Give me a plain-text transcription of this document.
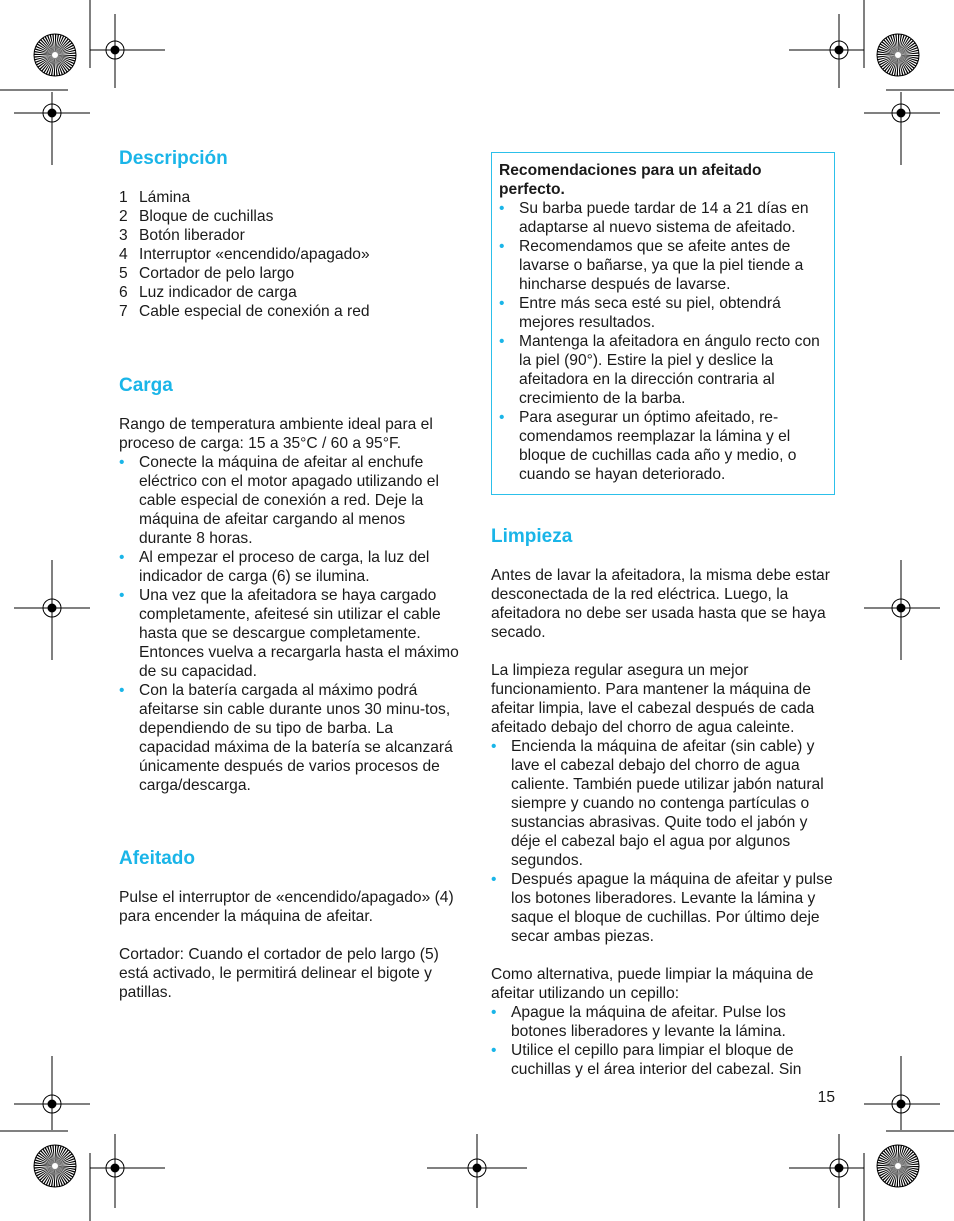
Descripción
1 Lámina
2 Bloque de cuchillas
3 Botón liberador
4 Interruptor «encendido/apagado»
5 Cortador de pelo largo
6 Luz indicador de carga
7 Cable especial de conexión a red
Carga

Rango de temperatura ambiente ideal para el proceso de carga: 15 a 35°C / 60 a 95°F.

• Conecte la máquina de afeitar al enchufe eléctrico con el motor apagado utilizando el cable especial de conexión a red. Deje la máquina de afeitar cargando al menos durante 8 horas.
• Al empezar el proceso de carga, la luz del indicador de carga (6) se ilumina.
• Una vez que la afeitadora se haya cargado completamente, afeitesé sin utilizar el cable hasta que se descargue completamente. Entonces vuelva a recargarla hasta el máximo de su capacidad.
• Con la batería cargada al máximo podrá afeitarse sin cable durante unos 30 minu-tos, dependiendo de su tipo de barba. La capacidad máxima de la batería se alcanzará únicamente después de varios procesos de carga/descarga.
Afeitado

Pulse el interruptor de «encendido/apagado» (4) para encender la máquina de afeitar.

Cortador: Cuando el cortador de pelo largo (5) está activado, le permitirá delinear el bigote y patillas.

Recomendaciones para un afeitado perfecto.

• Su barba puede tardar de 14 a 21 días en adaptarse al nuevo sistema de afeitado.
• Recomendamos que se afeite antes de lavarse o bañarse, ya que la piel tiende a hincharse después de lavarse.
• Entre más seca esté su piel, obtendrá mejores resultados.
• Mantenga la afeitadora en ángulo recto con la piel (90°). Estire la piel y deslice la afeitadora en la dirección contraria al crecimiento de la barba.
• Para asegurar un óptimo afeitado, re-comendamos reemplazar la lámina y el bloque de cuchillas cada año y medio, o cuando se hayan deteriorado.
Limpieza

Antes de lavar la afeitadora, la misma debe estar desconectada de la red eléctrica. Luego, la afeitadora no debe ser usada hasta que se haya secado.

La limpieza regular asegura un mejor funcionamiento. Para mantener la máquina de afeitar limpia, lave el cabezal después de cada afeitado debajo del chorro de agua caleinte.

• Encienda la máquina de afeitar (sin cable) y lave el cabezal debajo del chorro de agua caliente. También puede utilizar jabón natural siempre y cuando no contenga partículas o sustancias abrasivas. Quite todo el jabón y déje el cabezal bajo el agua por algunos segundos.
• Después apague la máquina de afeitar y pulse los botones liberadores. Levante la lámina y saque el bloque de cuchillas. Por último deje secar ambas piezas.

Como alternativa, puede limpiar la máquina de afeitar utilizando un cepillo:

• Apague la máquina de afeitar. Pulse los botones liberadores y levante la lámina.
• Utilice el cepillo para limpiar el bloque de cuchillas y el área interior del cabezal. Sin
15
